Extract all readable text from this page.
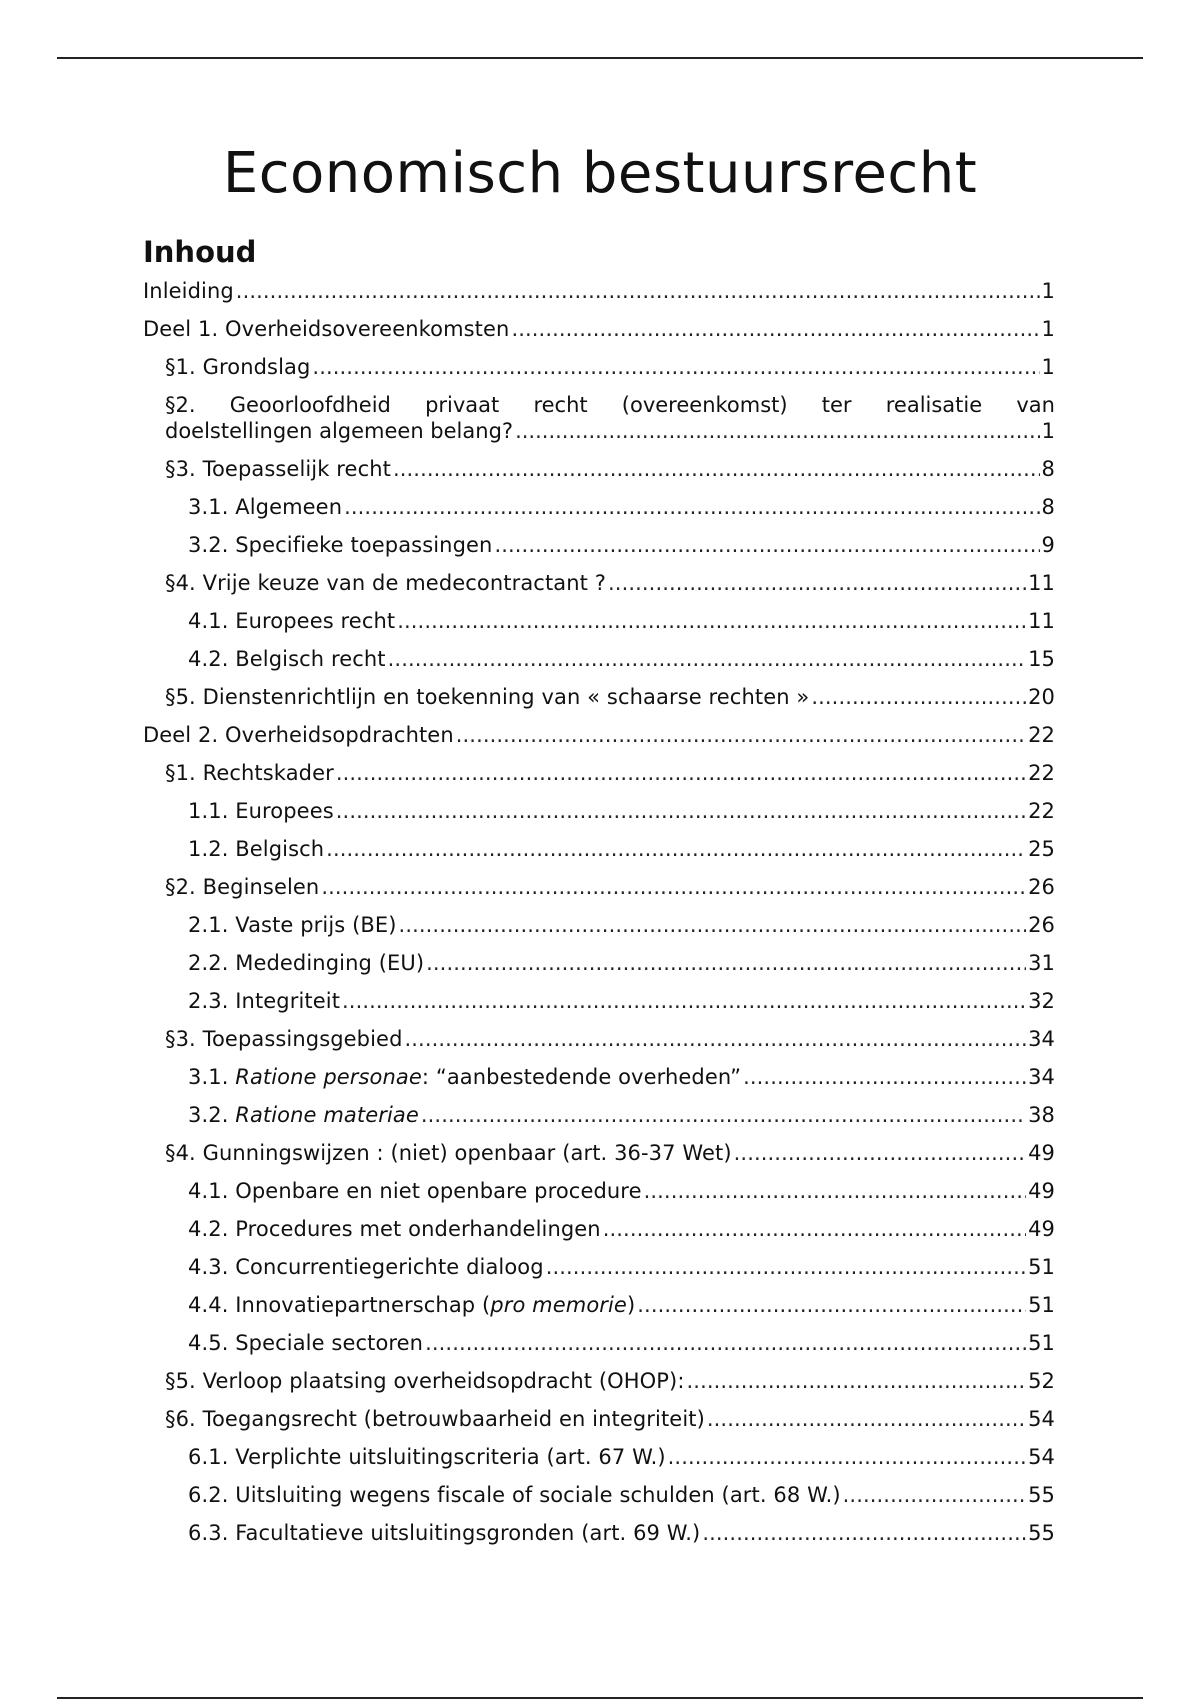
Economisch bestuursrecht
Inhoud
Inleiding .....	1
Deel 1. Overheidsovereenkomsten .....	1
§1. Grondslag .....	1
§2. Geoorloofdheid privaat recht (overeenkomst) ter realisatie van
doelstellingen algemeen belang? .....	1
§3. Toepasselijk recht .....	8
3.1. Algemeen .....	8
3.2. Specifieke toepassingen .....	9
§4. Vrije keuze van de medecontractant ? .....	11
4.1. Europees recht .....	11
4.2. Belgisch recht .....	15
§5. Dienstenrichtlijn en toekenning van « schaarse rechten » .....	20
Deel 2. Overheidsopdrachten .....	22
§1. Rechtskader .....	22
1.1. Europees .....	22
1.2. Belgisch .....	25
§2. Beginselen .....	26
2.1. Vaste prijs (BE) .....	26
2.2. Mededinging (EU) .....	31
2.3. Integriteit .....	32
§3. Toepassingsgebied .....	34
3.1. Ratione personae: “aanbestedende overheden” .....	34
3.2. Ratione materiae .....	38
§4. Gunningswijzen : (niet) openbaar (art. 36-37 Wet) .....	49
4.1. Openbare en niet openbare procedure .....	49
4.2. Procedures met onderhandelingen .....	49
4.3. Concurrentiegerichte dialoog .....	51
4.4. Innovatiepartnerschap (pro memorie) .....	51
4.5. Speciale sectoren .....	51
§5. Verloop plaatsing overheidsopdracht (OHOP): .....	52
§6. Toegangsrecht (betrouwbaarheid en integriteit) .....	54
6.1. Verplichte uitsluitingscriteria (art. 67 W.) .....	54
6.2. Uitsluiting wegens fiscale of sociale schulden (art. 68 W.) .....	55
6.3. Facultatieve uitsluitingsgronden (art. 69 W.) .....	55
